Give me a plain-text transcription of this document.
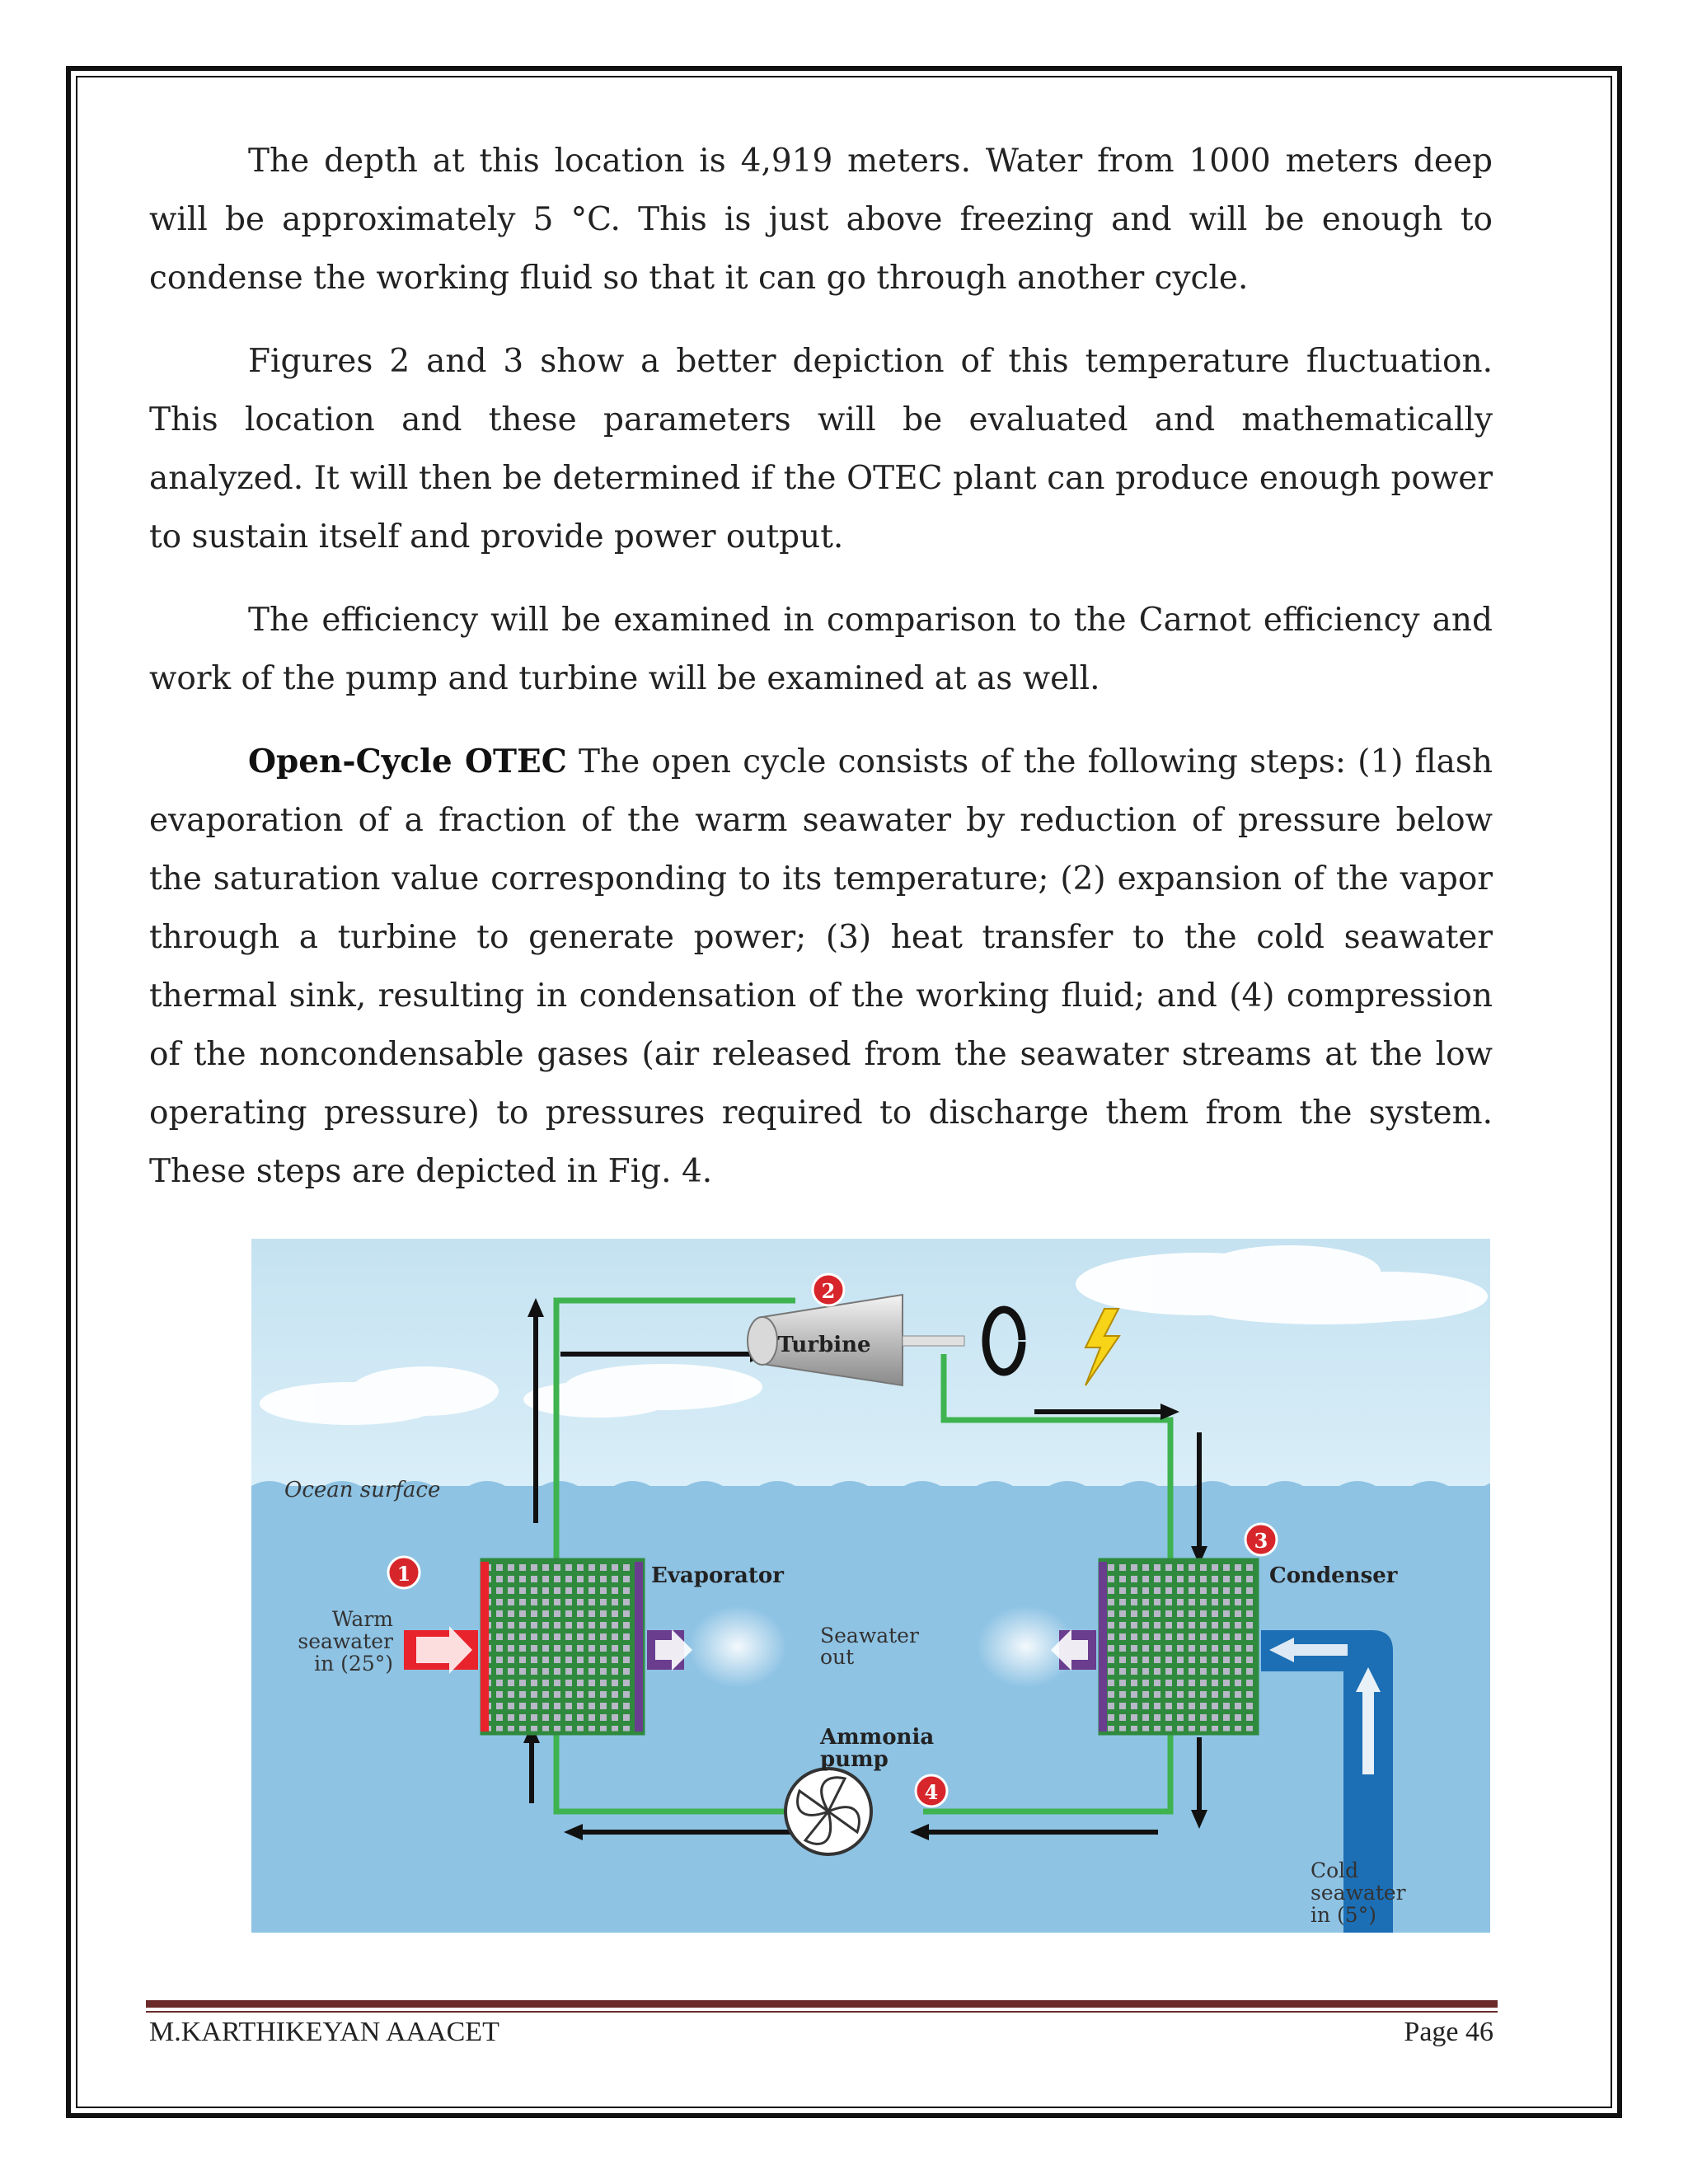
The depth at this location is 4,919 meters. Water from 1000 meters deep will be approximately 5 °C. This is just above freezing and will be enough to condense the working fluid so that it can go through another cycle.

Figures 2 and 3 show a better depiction of this temperature fluctuation. This location and these parameters will be evaluated and mathematically analyzed. It will then be determined if the OTEC plant can produce enough power to sustain itself and provide power output.

The efficiency will be examined in comparison to the Carnot efficiency and work of the pump and turbine will be examined at as well.

Open-Cycle OTEC The open cycle consists of the following steps: (1) flash evaporation of a fraction of the warm seawater by reduction of pressure below the saturation value corresponding to its temperature; (2) expansion of the vapor through a turbine to generate power; (3) heat transfer to the cold seawater thermal sink, resulting in condensation of the working fluid; and (4) compression of the noncondensable gases (air released from the seawater streams at the low operating pressure) to pressures required to discharge them from the system. These steps are depicted in Fig. 4.

Ocean surface
Turbine
Evaporator	Condenser
Warm
seawater
in (25°)
Seawater
out
Cold
seawater
in (5°)
Ammonia
pump
1
2
3
4
M.KARTHIKEYAN AAACET	Page 46
